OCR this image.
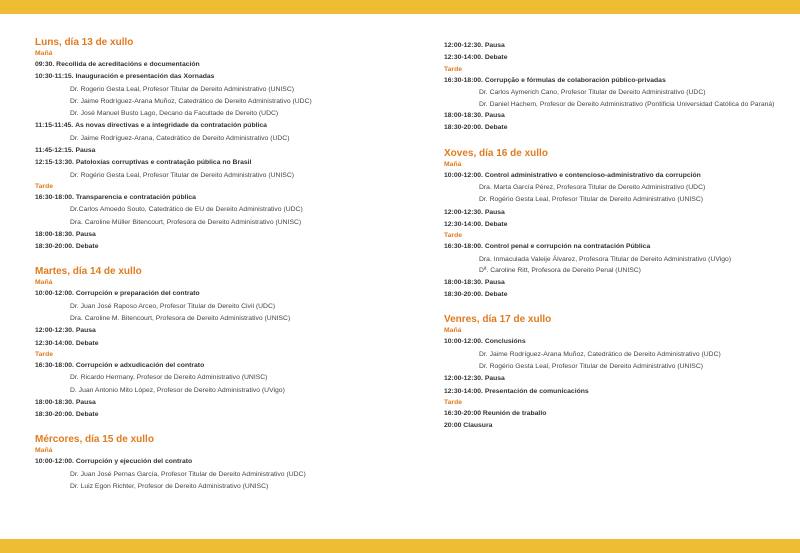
Luns, día 13 de xullo
Mañá
09:30. Recollida de acreditacións e documentación
10:30-11:15. Inauguración e presentación das Xornadas
Dr. Rogerio Gesta Leal, Profesor Titular de Dereito Administrativo (UNISC)
Dr. Jaime Rodríguez-Arana Muñoz, Catedrático de Dereito Administrativo (UDC)
Dr. José Manuel Busto Lago, Decano da Facultade de Dereito (UDC)
11:15-11:45. As novas directivas e a integridade da contratación pública
Dr. Jaime Rodríguez-Arana, Catedrático de Dereito Administrativo (UDC)
11:45-12:15. Pausa
12:15-13:30. Patoloxías corruptivas e contratação pública no Brasil
Dr. Rogério Gesta Leal, Profesor Titular de Dereito Administrativo (UNISC)
Tarde
16:30-18:00. Transparencia e contratación pública
Dr.Carlos Amoedo Souto, Catedrático de EU de Dereito Administrativo (UDC)
Dra. Caroline Müller Bitencourt, Profesora de Dereito Administrativo (UNISC)
18:00-18:30. Pausa
18:30-20:00. Debate
Martes, día 14 de xullo
Mañá
10:00-12:00. Corrupción e preparación del contrato
Dr. Juan José Raposo Arceo, Profesor Titular de Dereito Civil (UDC)
Dra. Caroline M. Bitencourt, Profesora de Dereito Administrativo (UNISC)
12:00-12:30. Pausa
12:30-14:00. Debate
Tarde
16:30-18:00. Corrupción e adxudicación del contrato
Dr. Ricardo Hermany, Profesor de Dereito Administrativo (UNISC)
D. Juan Antonio Mito López, Profesor de Dereito Administrativo (UVigo)
18:00-18:30. Pausa
18:30-20:00. Debate
Mércores, día 15 de xullo
Mañá
10:00-12:00. Corrupción y ejecución del contrato
Dr. Juan José Pernas García, Profesor Titular de Dereito Administrativo (UDC)
Dr. Luiz Egon Richter, Profesor de Dereito Administrativo (UNISC)
12:00-12:30. Pausa
12:30-14:00. Debate
Tarde
16:30-18:00. Corrupção e fórmulas de colaboración público-privadas
Dr. Carlos Aymerich Cano, Profesor Titular de Dereito Administrativo (UDC)
Dr. Daniel Hachem, Profesor de Dereito Administrativo (Pontificia Universidad Católica do Paraná)
18:00-18:30. Pausa
18:30-20:00. Debate
Xoves, día 16 de xullo
Mañá
10:00-12:00. Control administrativo e contencioso-administrativo da corrupción
Dra. Marta García Pérez, Profesora Titular de Dereito Administrativo (UDC)
Dr. Rogério Gesta Leal, Profesor Titular de Dereito Administrativo (UNISC)
12:00-12:30. Pausa
12:30-14:00. Debate
Tarde
16:30-18:00. Control penal e corrupción na contratación Pública
Dra. Inmaculada Valeije Álvarez, Profesora Titular de Dereito Administrativo (UVigo)
Dª. Caroline Ritt, Profesora de Dereito Penal (UNISC)
18:00-18:30. Pausa
18:30-20:00. Debate
Venres, día 17 de xullo
Mañá
10:00-12:00. Conclusións
Dr. Jaime Rodríguez-Arana Muñoz, Catedrático de Dereito Administrativo (UDC)
Dr. Rogério Gesta Leal, Profesor Titular de Dereito Administrativo (UNISC)
12:00-12:30. Pausa
12:30-14:00. Presentación de comunicacións
Tarde
16:30-20:00 Reunión de traballo
20:00 Clausura
